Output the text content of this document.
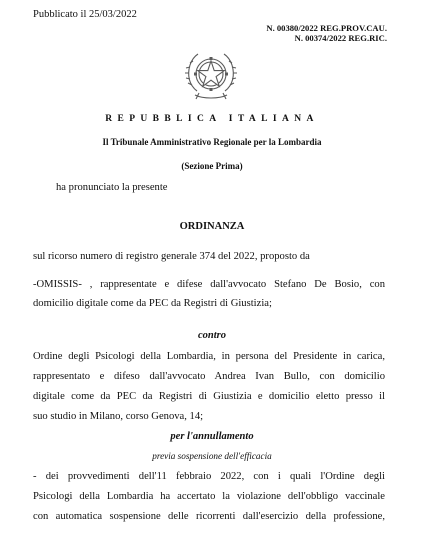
Pubblicato il 25/03/2022
N. 00380/2022 REG.PROV.CAU.
N. 00374/2022 REG.RIC.
REPUBBLICA ITALIANA
Il Tribunale Amministrativo Regionale per la Lombardia
(Sezione Prima)
ha pronunciato la presente
ORDINANZA
sul ricorso numero di registro generale 374 del 2022, proposto da
-OMISSIS- , rappresentate e difese dall'avvocato Stefano De Bosio, con
domicilio digitale come da PEC da Registri di Giustizia;
contro
Ordine degli Psicologi della Lombardia, in persona del Presidente in carica,
rappresentato e difeso dall'avvocato Andrea Ivan Bullo, con domicilio
digitale come da PEC da Registri di Giustizia e domicilio eletto presso il
suo studio in Milano, corso Genova, 14;
per l'annullamento
previa sospensione dell'efficacia
- dei provvedimenti dell'11 febbraio 2022, con i quali l'Ordine degli
Psicologi della Lombardia ha accertato la violazione dell'obbligo vaccinale
con automatica sospensione delle ricorrenti dall'esercizio della professione,
